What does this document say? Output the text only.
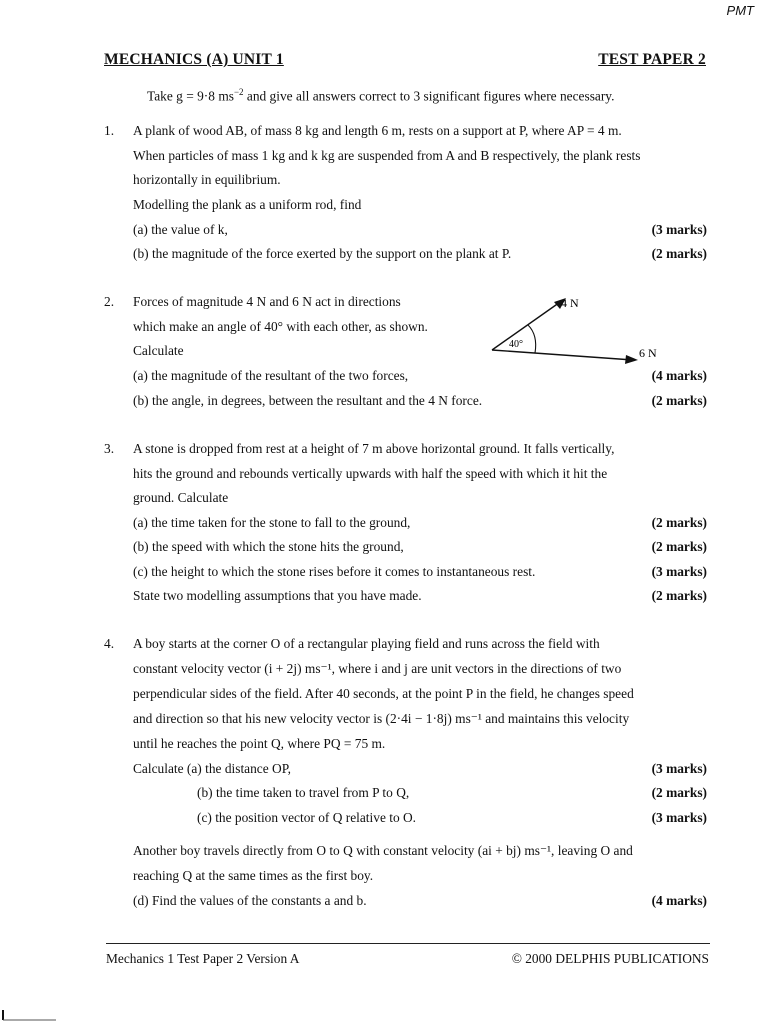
PMT
MECHANICS (A) UNIT 1	TEST PAPER 2
Take g = 9·8 $ms^{-2}$ and give all answers correct to 3 significant figures where necessary.
1. A plank of wood AB, of mass 8 kg and length 6 m, rests on a support at P, where AP = 4 m.
When particles of mass 1 kg and k kg are suspended from A and B respectively, the plank rests
horizontally in equilibrium.
Modelling the plank as a uniform rod, find
(a) the value of k,	(3 marks)
(b) the magnitude of the force exerted by the support on the plank at P.	(2 marks)
2. Forces of magnitude 4 N and 6 N act in directions
which make an angle of 40° with each other, as shown.
Calculate
(a) the magnitude of the resultant of the two forces,	(4 marks)
(b) the angle, in degrees, between the resultant and the 4 N force.	(2 marks)
40°
4 N
6 N
3. A stone is dropped from rest at a height of 7 m above horizontal ground. It falls vertically,
hits the ground and rebounds vertically upwards with half the speed with which it hit the
ground. Calculate
(a) the time taken for the stone to fall to the ground,	(2 marks)
(b) the speed with which the stone hits the ground,	(2 marks)
(c) the height to which the stone rises before it comes to instantaneous rest.	(3 marks)
State two modelling assumptions that you have made.	(2 marks)
4. A boy starts at the corner O of a rectangular playing field and runs across the field with
constant velocity vector (i + 2j) ms⁻¹, where i and j are unit vectors in the directions of two
perpendicular sides of the field. After 40 seconds, at the point P in the field, he changes speed
and direction so that his new velocity vector is (2·4i − 1·8j) ms⁻¹ and maintains this velocity
until he reaches the point Q, where PQ = 75 m.
Calculate (a) the distance OP,	(3 marks)
(b) the time taken to travel from P to Q,	(2 marks)
(c) the position vector of Q relative to O.	(3 marks)
Another boy travels directly from O to Q with constant velocity (ai + bj) ms⁻¹, leaving O and
reaching Q at the same times as the first boy.
(d) Find the values of the constants a and b.	(4 marks)
Mechanics 1 Test Paper 2 Version A	© 2000 DELPHIS PUBLICATIONS
